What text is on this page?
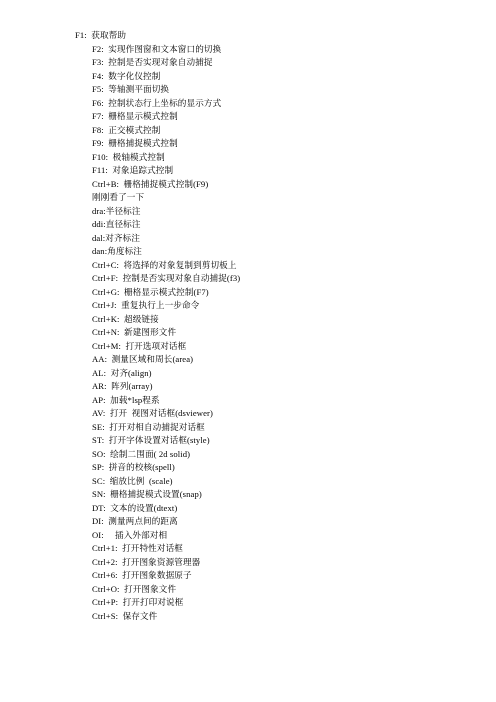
F1:  获取帮助
F2:  实现作图窗和文本窗口的切换
F3:  控制是否实现对象自动捕捉
F4:  数字化仪控制
F5:  等轴测平面切换
F6:  控制状态行上坐标的显示方式
F7:  栅格显示模式控制
F8:  正交模式控制
F9:  栅格捕捉模式控制
F10:  极轴模式控制
F11:  对象追踪式控制
Ctrl+B:  栅格捕捉模式控制(F9)
刚刚看了一下
dra:半径标注
ddi:直径标注
dal:对齐标注
dan:角度标注
Ctrl+C:  将选择的对象复制到剪切板上
Ctrl+F:  控制是否实现对象自动捕捉(f3)
Ctrl+G:  栅格显示模式控制(F7)
Ctrl+J:  重复执行上一步命令
Ctrl+K:  超级链接
Ctrl+N:  新建图形文件
Ctrl+M:  打开选项对话框
AA:  测量区域和周长(area)
AL:  对齐(align)
AR:  阵列(array)
AP:  加载*lsp程系
AV:  打开  视图对话框(dsviewer)
SE:  打开对相自动捕捉对话框
ST:  打开字体设置对话框(style)
SO:  绘制二围面( 2d solid)
SP:  拼音的校核(spell)
SC:  缩放比例  (scale)
SN:  栅格捕捉模式设置(snap)
DT:  文本的设置(dtext)
DI:  测量两点间的距离
OI:     插入外部对相
Ctrl+1:  打开特性对话框
Ctrl+2:  打开图象资源管理器
Ctrl+6:  打开图象数据原子
Ctrl+O:  打开图象文件
Ctrl+P:  打开打印对说框
Ctrl+S:  保存文件
